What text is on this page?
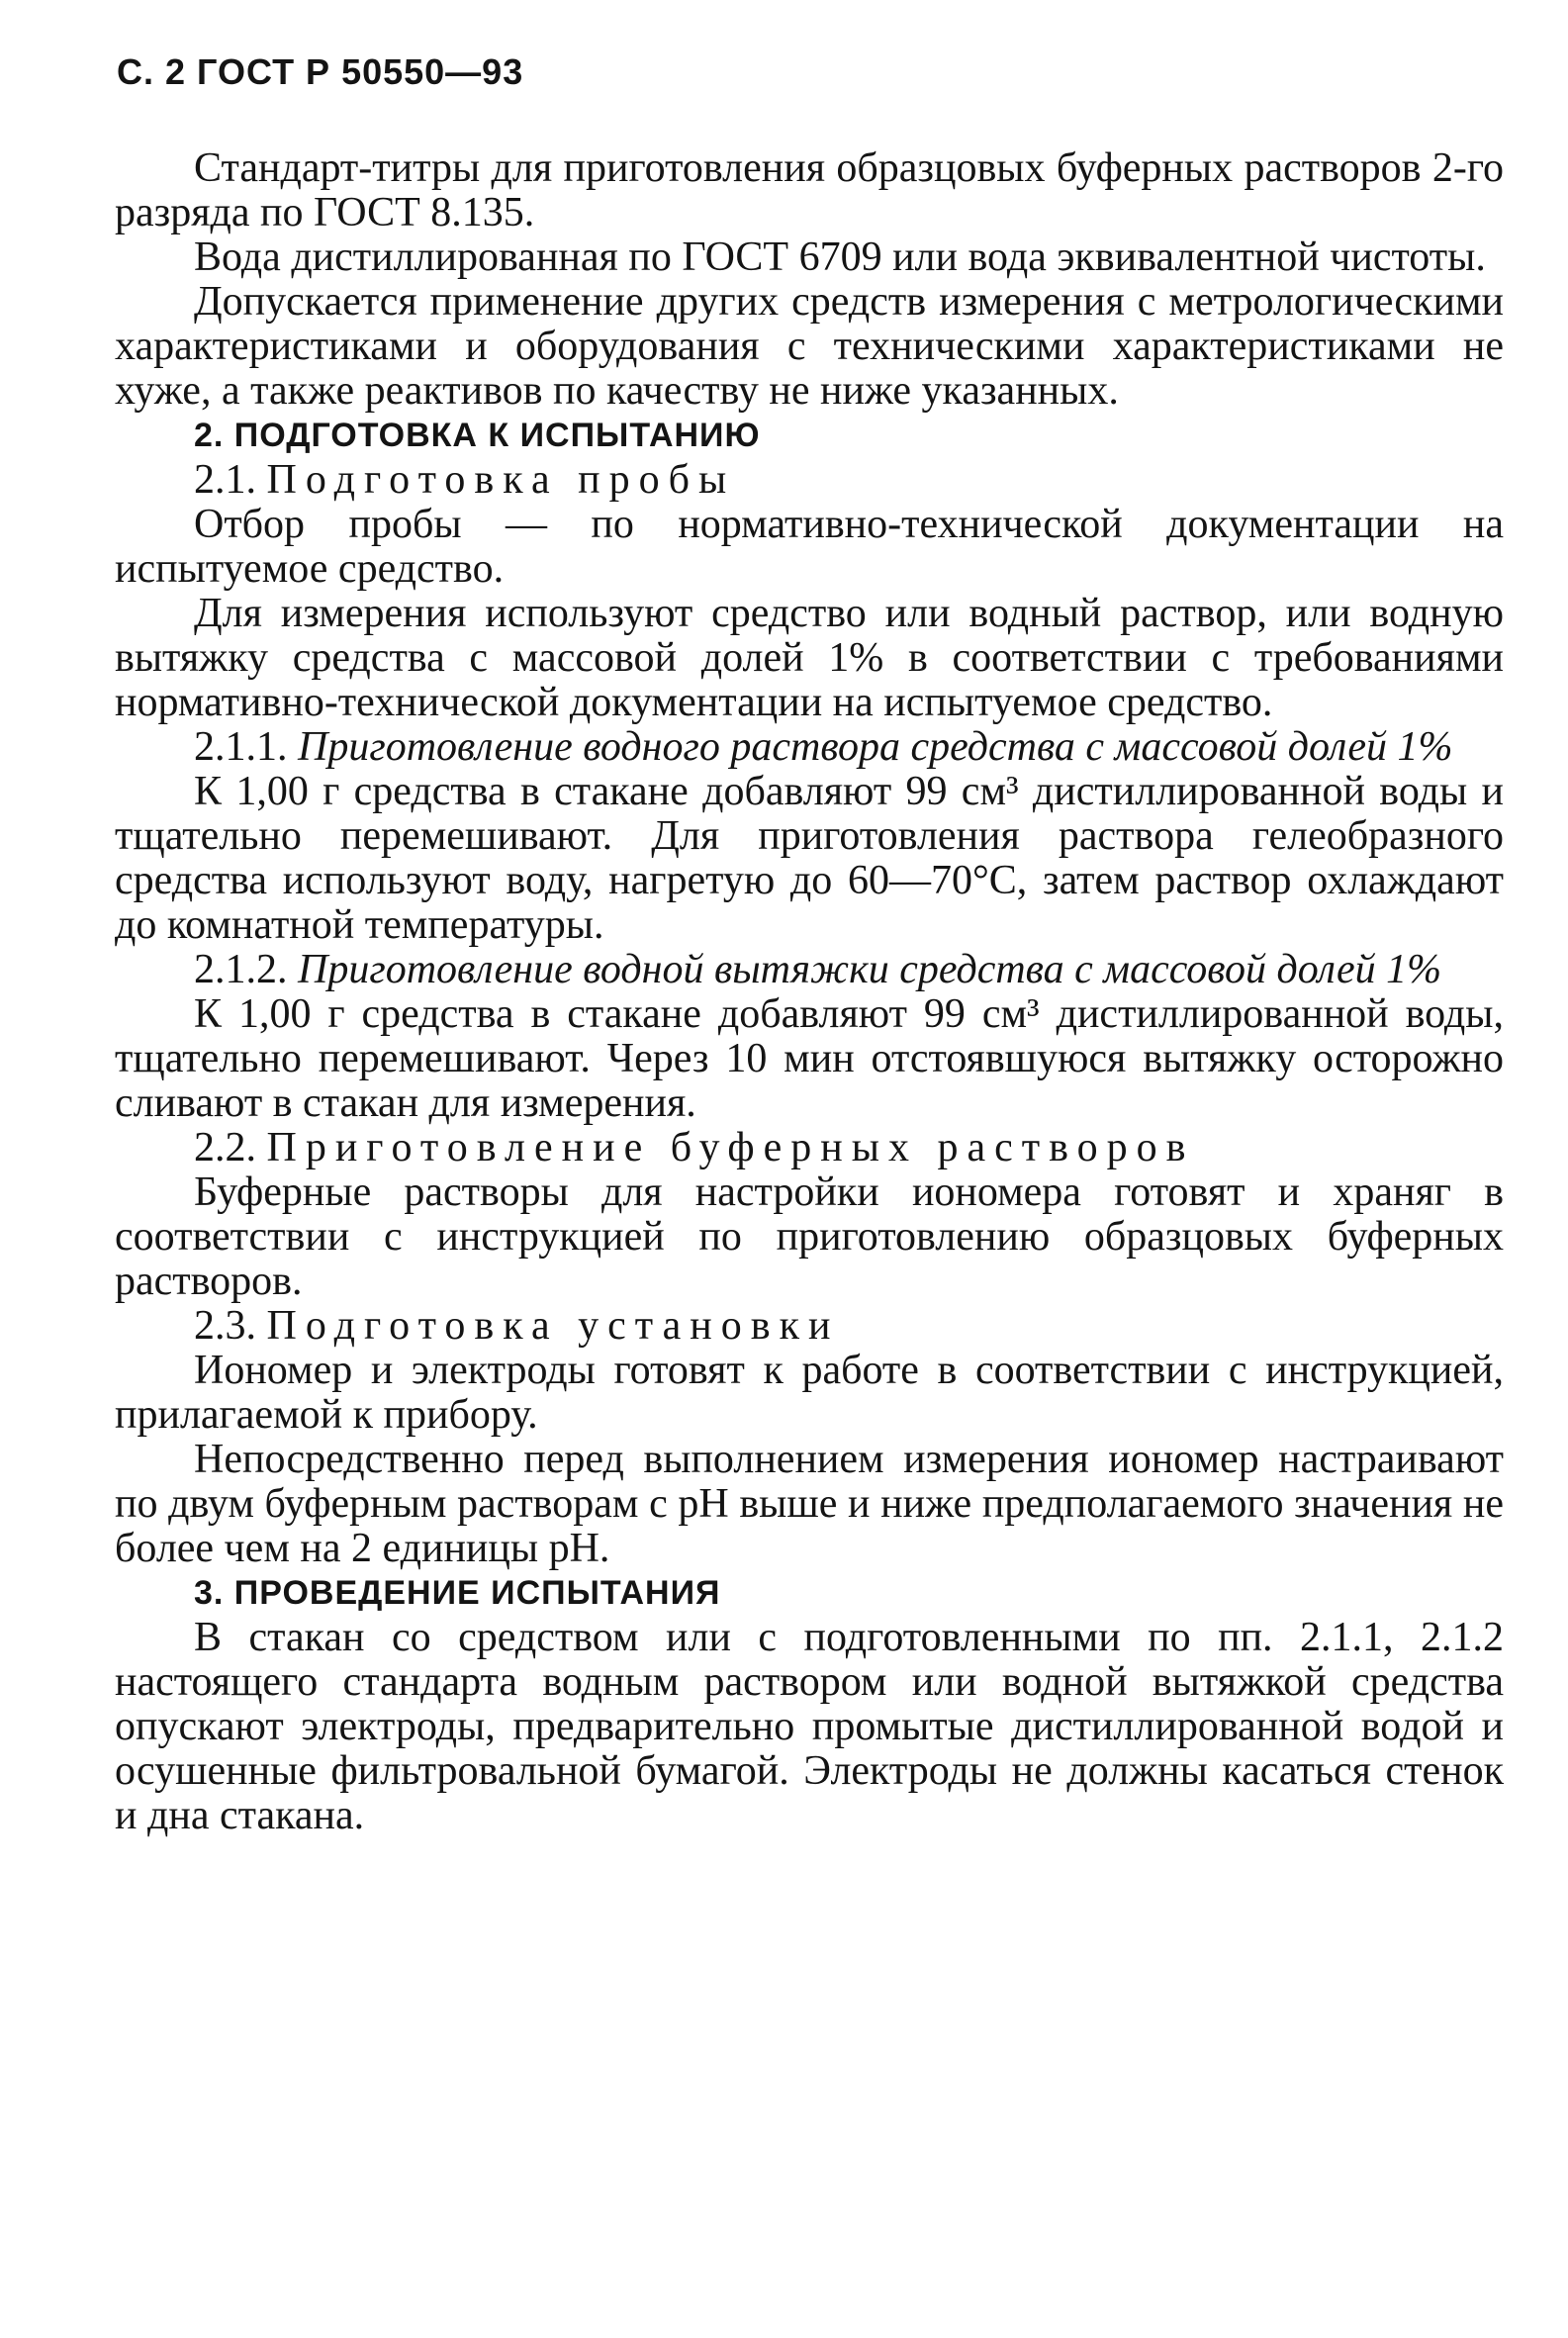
С. 2 ГОСТ Р 50550—93

Стандарт-титры для приготовления образцовых буферных растворов 2-го разряда по ГОСТ 8.135.

Вода дистиллированная по ГОСТ 6709 или вода эквивалентной чистоты.

Допускается применение других средств измерения с метрологическими характеристиками и оборудования с техническими характеристиками не хуже, а также реактивов по качеству не ниже указанных.

2. ПОДГОТОВКА К ИСПЫТАНИЮ

2.1. Подготовка пробы

Отбор пробы — по нормативно-технической документации на испытуемое средство.

Для измерения используют средство или водный раствор, или водную вытяжку средства с массовой долей 1% в соответствии с требованиями нормативно-технической документации на испытуемое средство.

2.1.1. Приготовление водного раствора средства с массовой долей 1%

К 1,00 г средства в стакане добавляют 99 см³ дистиллированной воды и тщательно перемешивают. Для приготовления раствора гелеобразного средства используют воду, нагретую до 60—70°С, затем раствор охлаждают до комнатной температуры.

2.1.2. Приготовление водной вытяжки средства с массовой долей 1%

К 1,00 г средства в стакане добавляют 99 см³ дистиллированной воды, тщательно перемешивают. Через 10 мин отстоявшуюся вытяжку осторожно сливают в стакан для измерения.

2.2. Приготовление буферных растворов

Буферные растворы для настройки иономера готовят и храняг в соответствии с инструкцией по приготовлению образцовых буферных растворов.

2.3. Подготовка установки

Иономер и электроды готовят к работе в соответствии с инструкцией, прилагаемой к прибору.

Непосредственно перед выполнением измерения иономер настраивают по двум буферным растворам с рН выше и ниже предполагаемого значения не более чем на 2 единицы рН.

3. ПРОВЕДЕНИЕ ИСПЫТАНИЯ

В стакан со средством или с подготовленными по пп. 2.1.1, 2.1.2 настоящего стандарта водным раствором или водной вытяжкой средства опускают электроды, предварительно промытые дистиллированной водой и осушенные фильтровальной бумагой. Электроды не должны касаться стенок и дна стакана.
